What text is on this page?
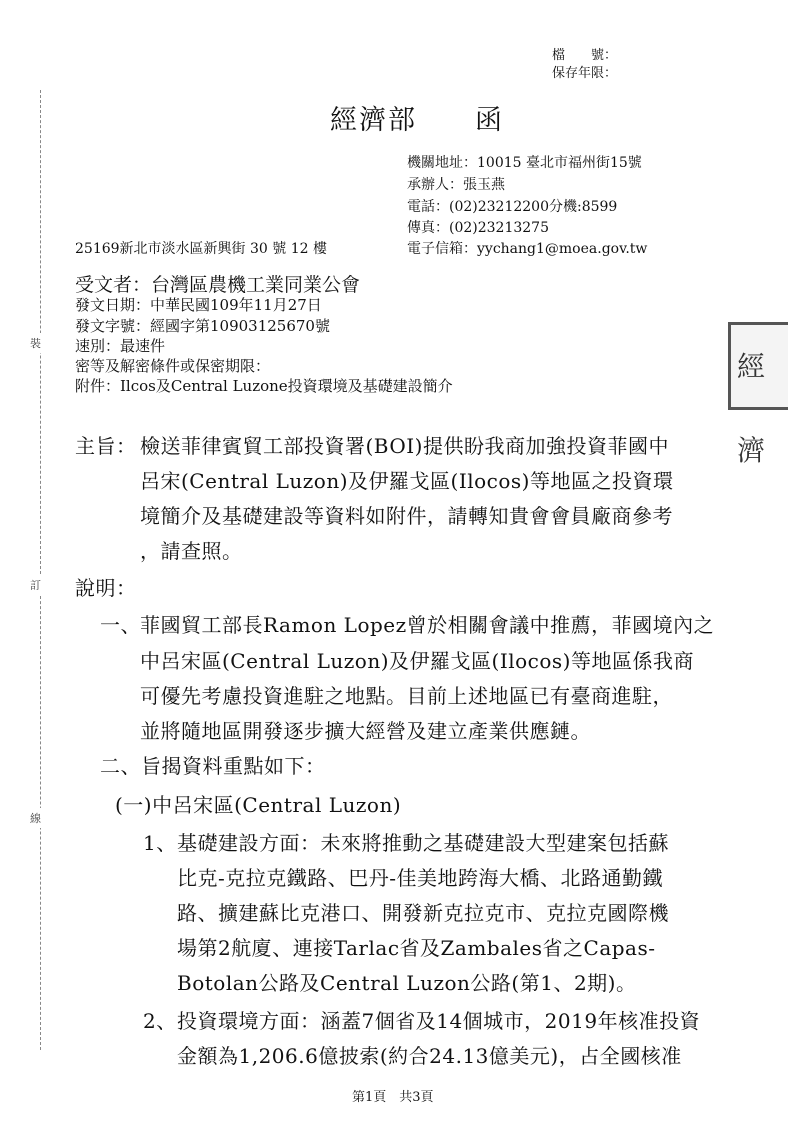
檔　　號：
保存年限：
裝
訂
線
經濟部　　函
機關地址：10015 臺北市福州街15號
承辦人：張玉燕
電話：(02)23212200分機:8599
傳真：(02)23213275
電子信箱：yychang1@moea.gov.tw
25169新北市淡水區新興街 30 號 12 樓
受文者：台灣區農機工業同業公會
發文日期：中華民國109年11月27日
發文字號：經國字第10903125670號
速別：最速件
密等及解密條件或保密期限：
附件：Ilcos及Central Luzone投資環境及基礎建設簡介
經濟
主旨： 檢送菲律賓貿工部投資署(BOI)提供盼我商加強投資菲國中
呂宋(Central Luzon)及伊羅戈區(Ilocos)等地區之投資環
境簡介及基礎建設等資料如附件，請轉知貴會會員廠商參考
，請查照。
說明：
一、 菲國貿工部長Ramon Lopez曾於相關會議中推薦，菲國境內之
中呂宋區(Central Luzon)及伊羅戈區(Ilocos)等地區係我商
可優先考慮投資進駐之地點。目前上述地區已有臺商進駐，
並將隨地區開發逐步擴大經營及建立產業供應鏈。
二、旨揭資料重點如下：
(一)中呂宋區(Central Luzon)
1、 基礎建設方面：未來將推動之基礎建設大型建案包括蘇
比克-克拉克鐵路、巴丹-佳美地跨海大橋、北路通勤鐵
路、擴建蘇比克港口、開發新克拉克市、克拉克國際機
場第2航廈、連接Tarlac省及Zambales省之Capas-
Botolan公路及Central Luzon公路(第1、2期)。
2、 投資環境方面：涵蓋7個省及14個城市，2019年核准投資
金額為1,206.6億披索(約合24.13億美元)，占全國核准
第1頁　共3頁
